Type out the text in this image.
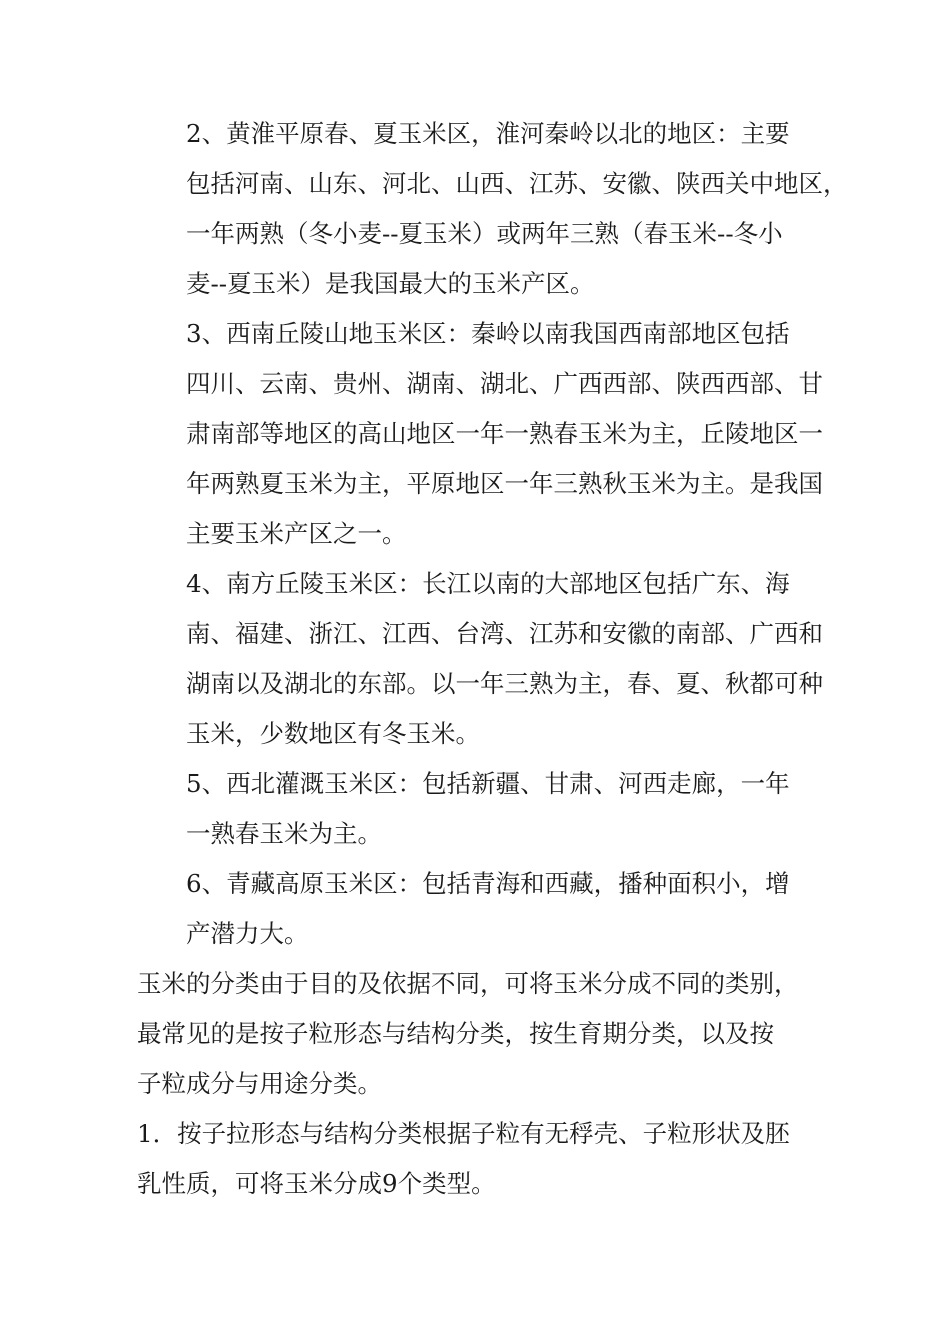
2、黄淮平原春、夏玉米区，淮河秦岭以北的地区：主要
包括河南、山东、河北、山西、江苏、安徽、陕西关中地区，
一年两熟（冬小麦--夏玉米）或两年三熟（春玉米--冬小
麦--夏玉米）是我国最大的玉米产区。

3、西南丘陵山地玉米区：秦岭以南我国西南部地区包括
四川、云南、贵州、湖南、湖北、广西西部、陕西西部、甘
肃南部等地区的高山地区一年一熟春玉米为主，丘陵地区一
年两熟夏玉米为主，平原地区一年三熟秋玉米为主。是我国
主要玉米产区之一。

4、南方丘陵玉米区：长江以南的大部地区包括广东、海
南、福建、浙江、江西、台湾、江苏和安徽的南部、广西和
湖南以及湖北的东部。以一年三熟为主，春、夏、秋都可种
玉米，少数地区有冬玉米。

5、西北灌溉玉米区：包括新疆、甘肃、河西走廊，一年
一熟春玉米为主。

6、青藏高原玉米区：包括青海和西藏，播种面积小，增
产潜力大。

玉米的分类由于目的及依据不同，可将玉米分成不同的类别，
最常见的是按子粒形态与结构分类，按生育期分类，以及按
子粒成分与用途分类。

1．按子拉形态与结构分类根据子粒有无稃壳、子粒形状及胚
乳性质，可将玉米分成9个类型。
